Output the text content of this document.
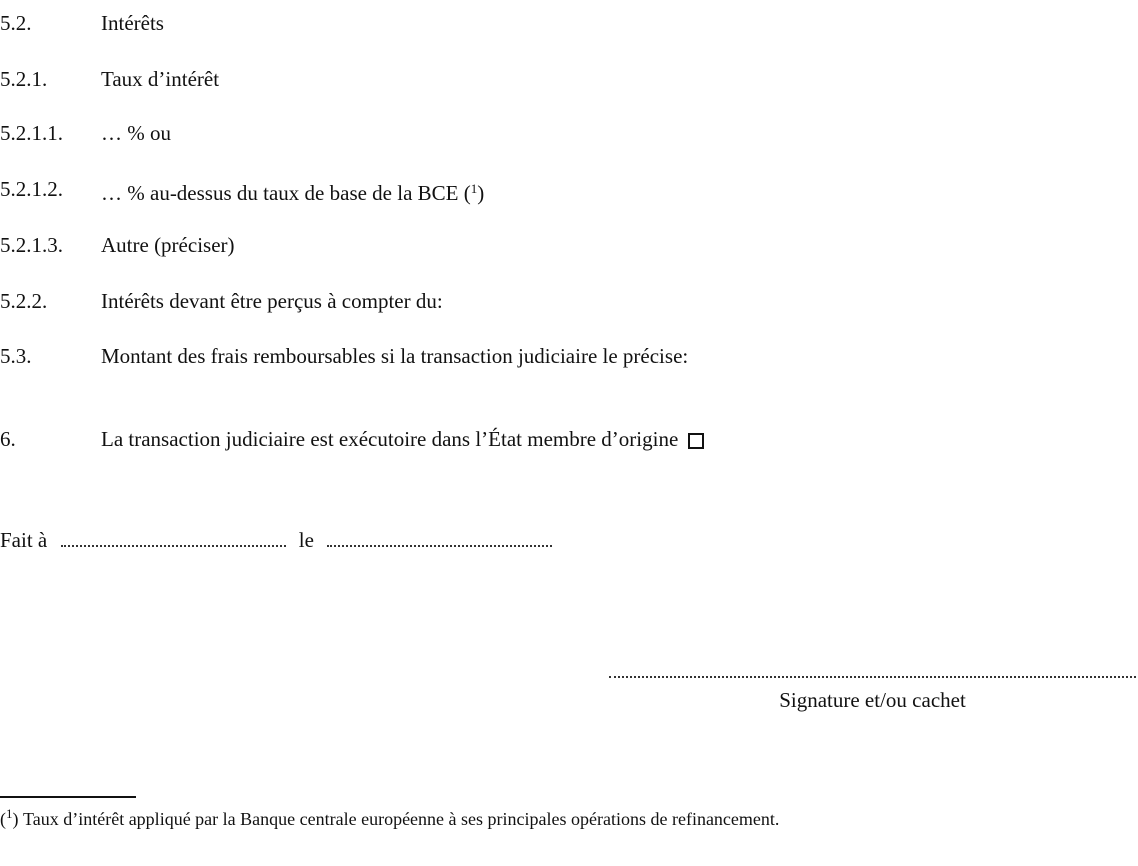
5.2.	Intérêts
5.2.1.	Taux d’intérêt
5.2.1.1. … % ou
5.2.1.2. … % au-dessus du taux de base de la BCE ($^1$)
5.2.1.3. Autre (préciser)
5.2.2.	Intérêts devant être perçus à compter du:
5.3.	Montant des frais remboursables si la transaction judiciaire le précise:
6.	La transaction judiciaire est exécutoire dans l’État membre d’origine
Fait à	le
Signature et/ou cachet
($^1$) Taux d’intérêt appliqué par la Banque centrale européenne à ses principales opérations de refinancement.
